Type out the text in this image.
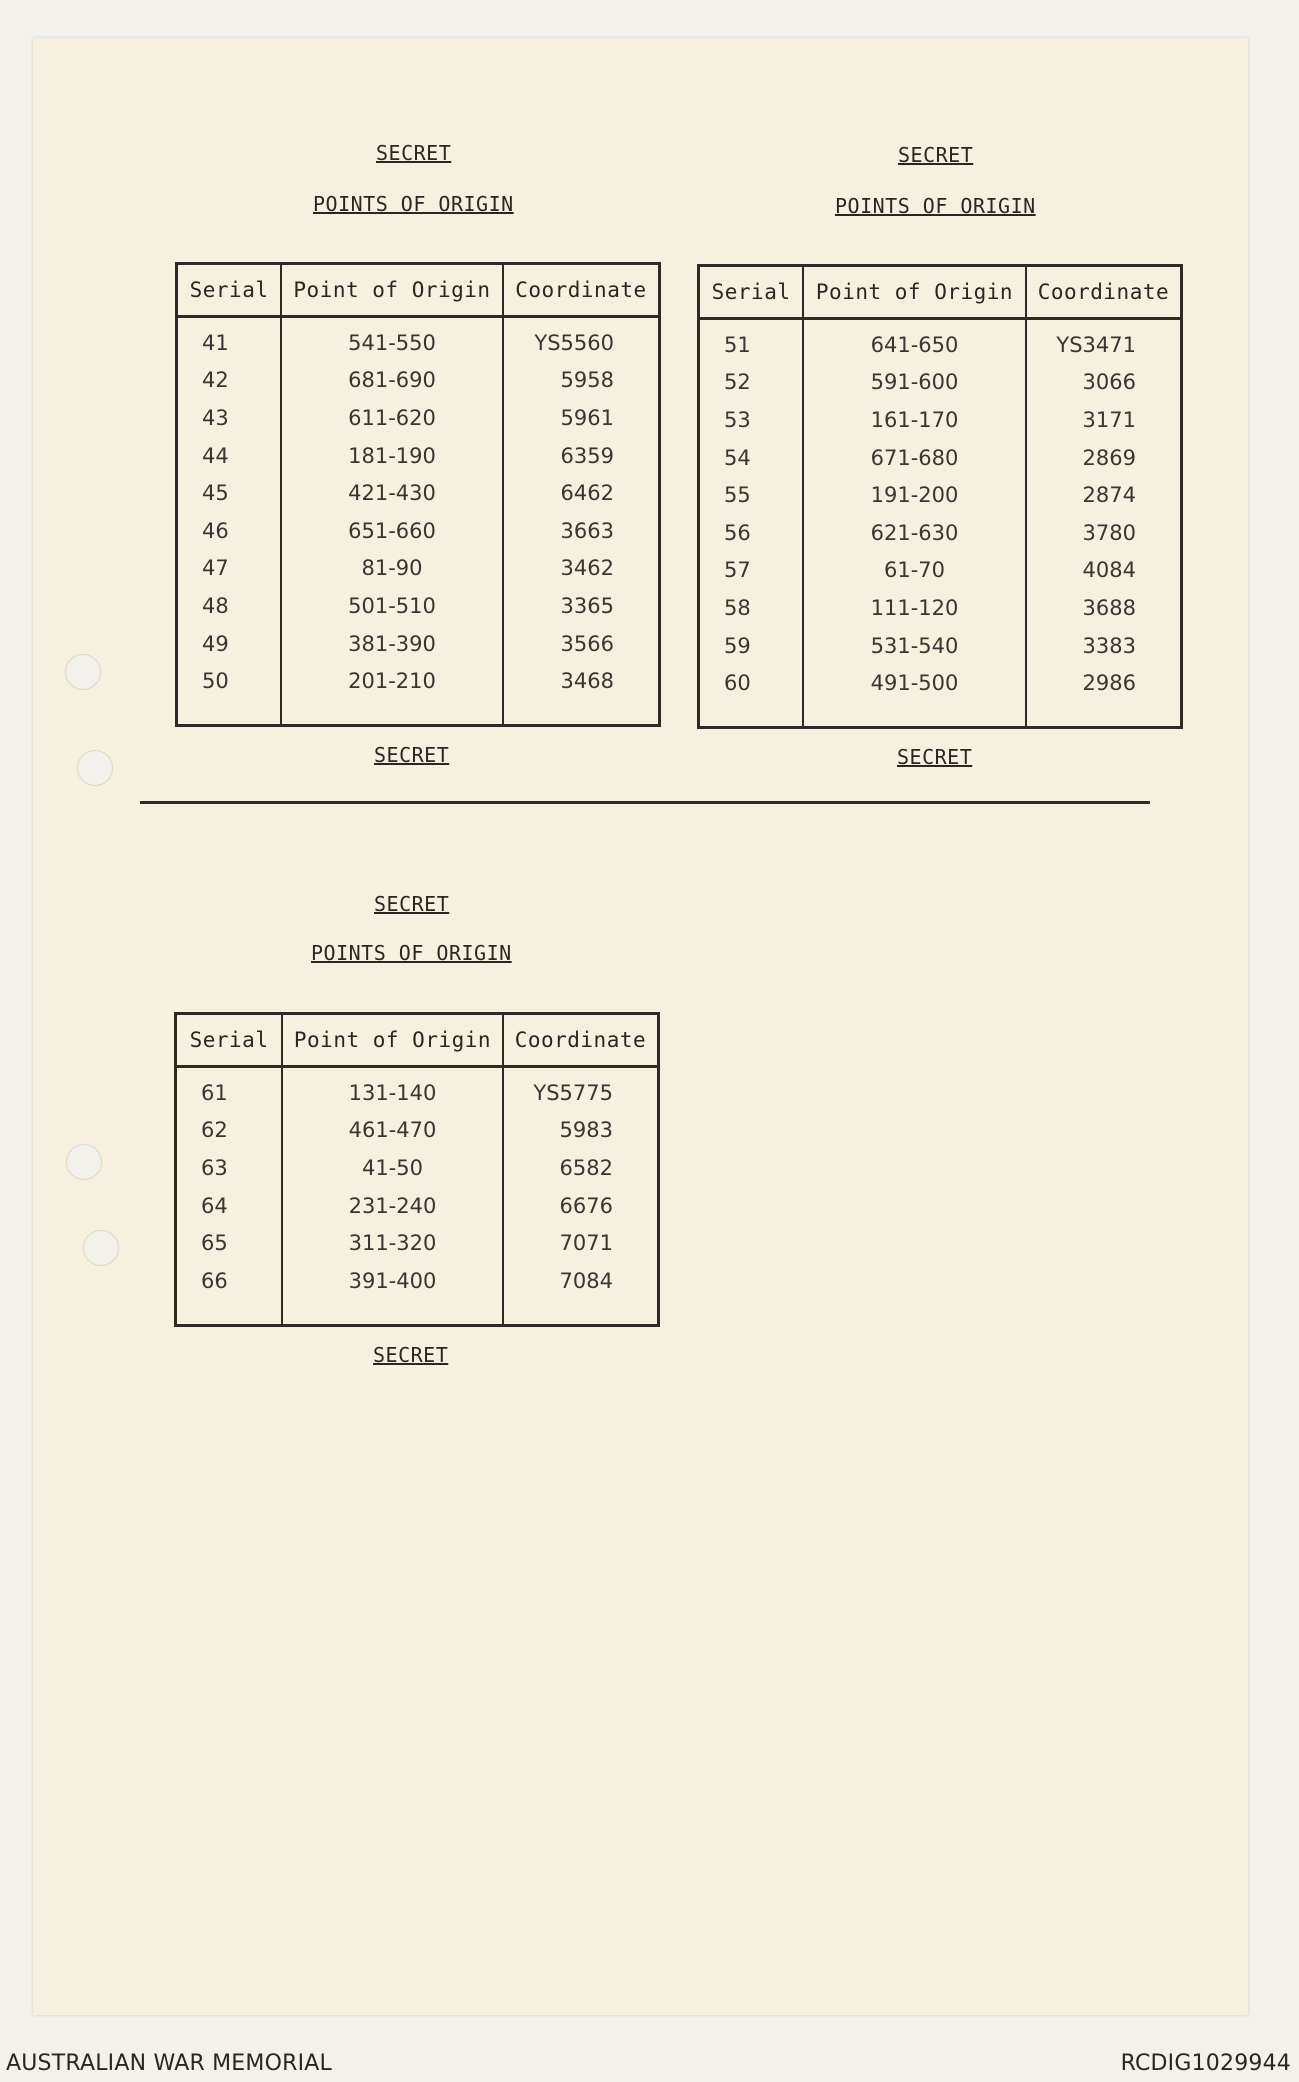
SECRET
POINTS OF ORIGIN
Serial	Point of Origin	Coordinate
41	541-550	YS5560
42	681-690	5958
43	611-620	5961
44	181-190	6359
45	421-430	6462
46	651-660	3663
47	81-90	3462
48	501-510	3365
49	381-390	3566
50	201-210	3468
SECRET
SECRET
POINTS OF ORIGIN
Serial	Point of Origin	Coordinate
51	641-650	YS3471
52	591-600	3066
53	161-170	3171
54	671-680	2869
55	191-200	2874
56	621-630	3780
57	61-70	4084
58	111-120	3688
59	531-540	3383
60	491-500	2986
SECRET
SECRET
POINTS OF ORIGIN
Serial	Point of Origin	Coordinate
61	131-140	YS5775
62	461-470	5983
63	41-50	6582
64	231-240	6676
65	311-320	7071
66	391-400	7084
SECRET
AUSTRALIAN WAR MEMORIAL	RCDIG1029944
